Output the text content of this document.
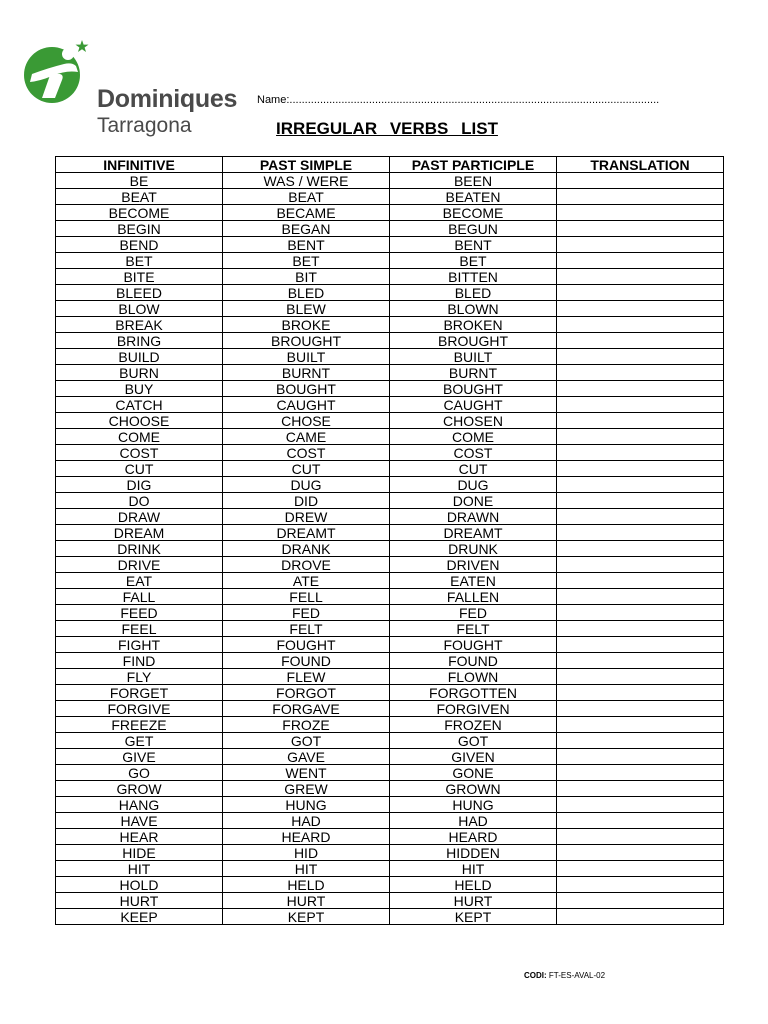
Dominiques
Tarragona
Name:.........................................................................................................................
IRREGULAR VERBS LIST
INFINITIVE	PAST SIMPLE	PAST PARTICIPLE	TRANSLATION
BE	WAS / WERE	BEEN	
BEAT	BEAT	BEATEN	
BECOME	BECAME	BECOME	
BEGIN	BEGAN	BEGUN	
BEND	BENT	BENT	
BET	BET	BET	
BITE	BIT	BITTEN	
BLEED	BLED	BLED	
BLOW	BLEW	BLOWN	
BREAK	BROKE	BROKEN	
BRING	BROUGHT	BROUGHT	
BUILD	BUILT	BUILT	
BURN	BURNT	BURNT	
BUY	BOUGHT	BOUGHT	
CATCH	CAUGHT	CAUGHT	
CHOOSE	CHOSE	CHOSEN	
COME	CAME	COME	
COST	COST	COST	
CUT	CUT	CUT	
DIG	DUG	DUG	
DO	DID	DONE	
DRAW	DREW	DRAWN	
DREAM	DREAMT	DREAMT	
DRINK	DRANK	DRUNK	
DRIVE	DROVE	DRIVEN	
EAT	ATE	EATEN	
FALL	FELL	FALLEN	
FEED	FED	FED	
FEEL	FELT	FELT	
FIGHT	FOUGHT	FOUGHT	
FIND	FOUND	FOUND	
FLY	FLEW	FLOWN	
FORGET	FORGOT	FORGOTTEN	
FORGIVE	FORGAVE	FORGIVEN	
FREEZE	FROZE	FROZEN	
GET	GOT	GOT	
GIVE	GAVE	GIVEN	
GO	WENT	GONE	
GROW	GREW	GROWN	
HANG	HUNG	HUNG	
HAVE	HAD	HAD	
HEAR	HEARD	HEARD	
HIDE	HID	HIDDEN	
HIT	HIT	HIT	
HOLD	HELD	HELD	
HURT	HURT	HURT	
KEEP	KEPT	KEPT	
CODI: FT-ES-AVAL-02
